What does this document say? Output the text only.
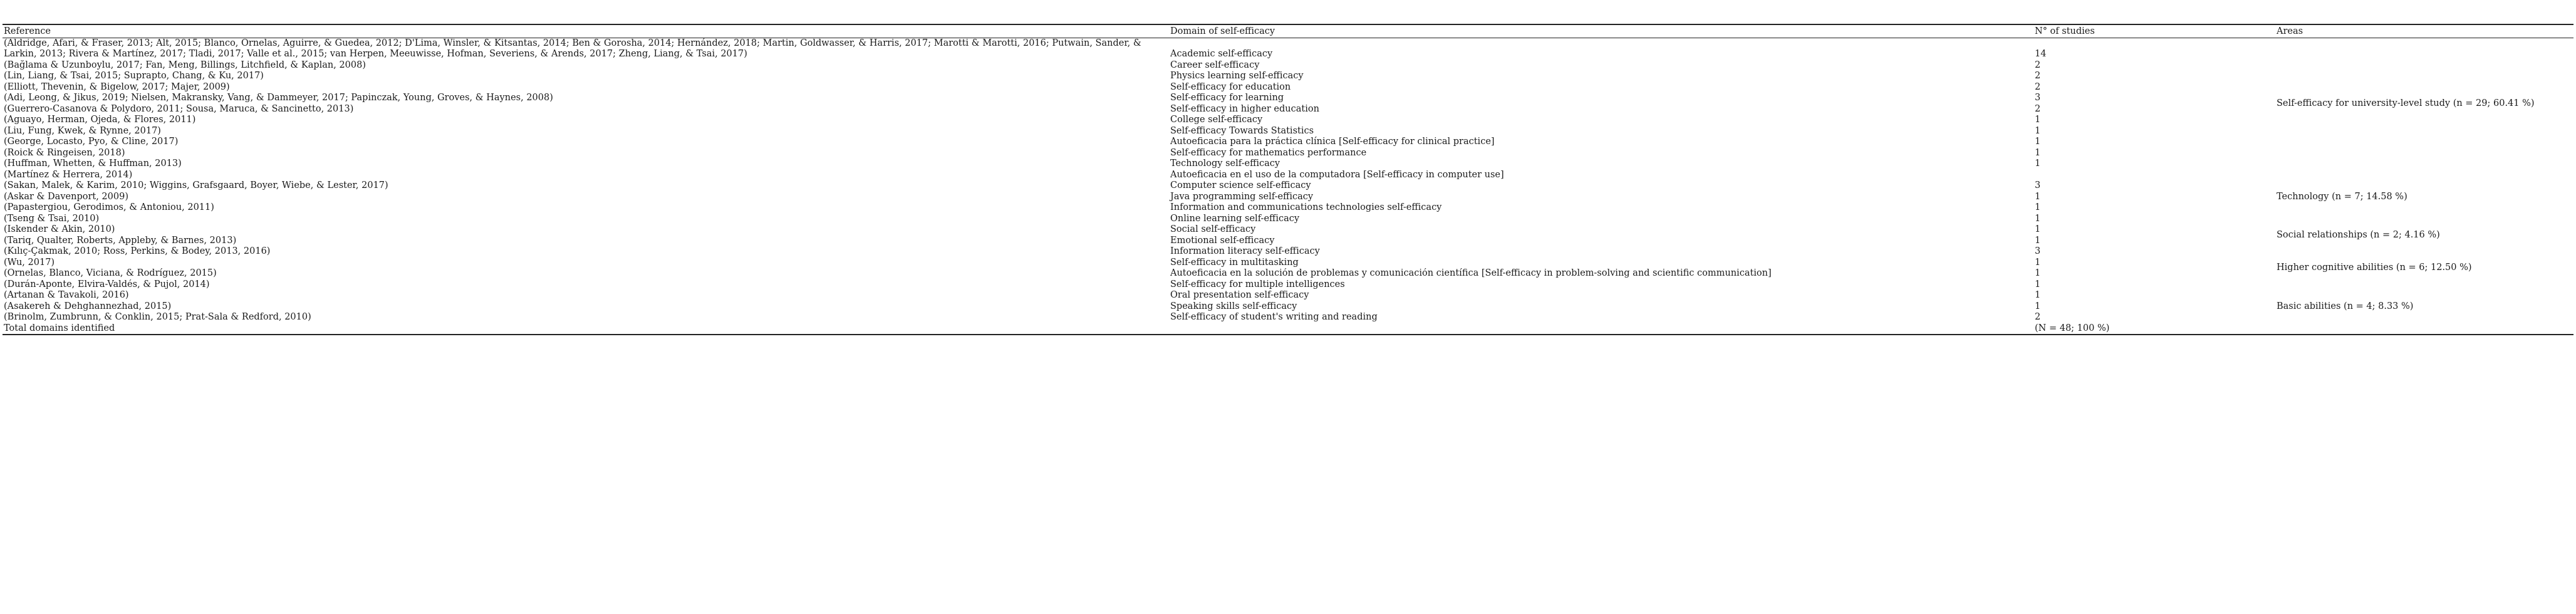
Reference	Domain of self-efficacy	N° of studies	Areas
(Aldridge, Afari, & Fraser, 2013; Alt, 2015; Blanco, Ornelas, Aguirre, & Guedea, 2012; D'Lima, Winsler, & Kitsantas, 2014; Ben & Gorosha, 2014; Hernández, 2018; Martin, Goldwasser, & Harris, 2017; Marotti & Marotti, 2016; Putwain, Sander, & Larkin, 2013; Rivera & Martínez, 2017; Tladi, 2017; Valle et al., 2015; van Herpen, Meeuwisse, Hofman, Severiens, & Arends, 2017; Zheng, Liang, & Tsai, 2017)	Academic self-efficacy	14	Self-efficacy for university-level study (n = 29; 60.41 %)
(Bağlama & Uzunboylu, 2017; Fan, Meng, Billings, Litchfield, & Kaplan, 2008)	Career self-efficacy	2	
(Lin, Liang, & Tsai, 2015; Suprapto, Chang, & Ku, 2017)	Physics learning self-efficacy	2	
(Elliott, Thevenin, & Bigelow, 2017; Majer, 2009)	Self-efficacy for education	2	
(Adi, Leong, & Jikus, 2019; Nielsen, Makransky, Vang, & Dammeyer, 2017; Papinczak, Young, Groves, & Haynes, 2008)	Self-efficacy for learning	3	
(Guerrero-Casanova & Polydoro, 2011; Sousa, Maruca, & Sancinetto, 2013)	Self-efficacy in higher education	2	
(Aguayo, Herman, Ojeda, & Flores, 2011)	College self-efficacy	1	
(Liu, Fung, Kwek, & Rynne, 2017)	Self-efficacy Towards Statistics	1	
(George, Locasto, Pyo, & Cline, 2017)	Autoeficacia para la práctica clínica [Self-efficacy for clinical practice]	1	
(Roick & Ringeisen, 2018)	Self-efficacy for mathematics performance	1	
(Huffman, Whetten, & Huffman, 2013)	Technology self-efficacy	1	
(Martínez & Herrera, 2014)	Autoeficacia en el uso de la computadora [Self-efficacy in computer use]		Technology (n = 7; 14.58 %)
(Sakan, Malek, & Karim, 2010; Wiggins, Grafsgaard, Boyer, Wiebe, & Lester, 2017)	Computer science self-efficacy	3	
(Askar & Davenport, 2009)	Java programming self-efficacy	1	
(Papastergiou, Gerodimos, & Antoniou, 2011)	Information and communications technologies self-efficacy	1	
(Tseng & Tsai, 2010)	Online learning self-efficacy	1	
(Iskender & Akin, 2010)	Social self-efficacy	1	Social relationships (n = 2; 4.16 %)
(Tariq, Qualter, Roberts, Appleby, & Barnes, 2013)	Emotional self-efficacy	1	
(Kılıç-Çakmak, 2010; Ross, Perkins, & Bodey, 2013, 2016)	Information literacy self-efficacy	3	Higher cognitive abilities (n = 6; 12.50 %)
(Wu, 2017)	Self-efficacy in multitasking	1	
(Ornelas, Blanco, Viciana, & Rodríguez, 2015)	Autoeficacia en la solución de problemas y comunicación científica [Self-efficacy in problem-solving and scientific communication]	1	
(Durán-Aponte, Elvira-Valdés, & Pujol, 2014)	Self-efficacy for multiple intelligences	1	
(Artanan & Tavakoli, 2016)	Oral presentation self-efficacy	1	Basic abilities (n = 4; 8.33 %)
(Asakereh & Dehghannezhad, 2015)	Speaking skills self-efficacy	1	
(Brinolm, Zumbrunn, & Conklin, 2015; Prat-Sala & Redford, 2010)	Self-efficacy of student's writing and reading	2	
Total domains identified		(N = 48; 100 %)	
